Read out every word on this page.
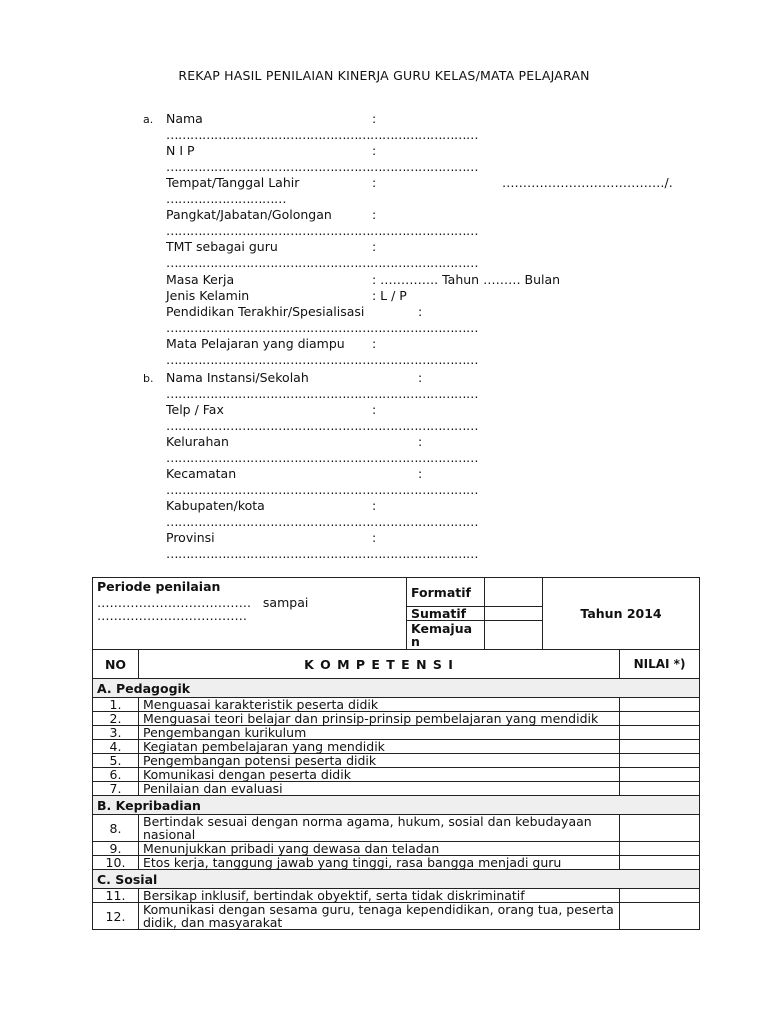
REKAP HASIL PENILAIAN KINERJA GURU KELAS/MATA PELAJARAN
a. Nama	:
……………………………………………………………………
N I P	:
……………………………………………………………………
Tempat/Tanggal Lahir	:	…………………………………/.
…………………………
Pangkat/Jabatan/Golongan	:
……………………………………………………………………
TMT sebagai guru	:
……………………………………………………………………
Masa Kerja	: ………….. Tahun ……… Bulan
Jenis Kelamin	: L / P
Pendidikan Terakhir/Spesialisasi	:
……………………………………………………………………
Mata Pelajaran yang diampu :
……………………………………………………………………
b. Nama Instansi/Sekolah	:
……………………………………………………………………
Telp / Fax	:
……………………………………………………………………
Kelurahan	:
……………………………………………………………………
Kecamatan	:
……………………………………………………………………
Kabupaten/kota	:
……………………………………………………………………
Provinsi	:
……………………………………………………………………
Periode penilaian
………………………………. sampai
………………………………		Formatif		Tahun 2014	
		Sumatif			
		Kemajuan			
NO	K O M P E T E N S I				NILAI *)
A. Pedagogik					
1.	Menguasai karakteristik peserta didik				
2.	Menguasai teori belajar dan prinsip-prinsip pembelajaran yang mendidik				
3.	Pengembangan kurikulum				
4.	Kegiatan pembelajaran yang mendidik				
5.	Pengembangan potensi peserta didik				
6.	Komunikasi dengan peserta didik				
7.	Penilaian dan evaluasi				
B. Kepribadian					
8.	Bertindak sesuai dengan norma agama, hukum, sosial dan kebudayaan nasional				
9.	Menunjukkan pribadi yang dewasa dan teladan				
10.	Etos kerja, tanggung jawab yang tinggi, rasa bangga menjadi guru				
C. Sosial					
11.	Bersikap inklusif, bertindak obyektif, serta tidak diskriminatif				
12.	Komunikasi dengan sesama guru, tenaga kependidikan, orang tua, peserta didik, dan masyarakat				
